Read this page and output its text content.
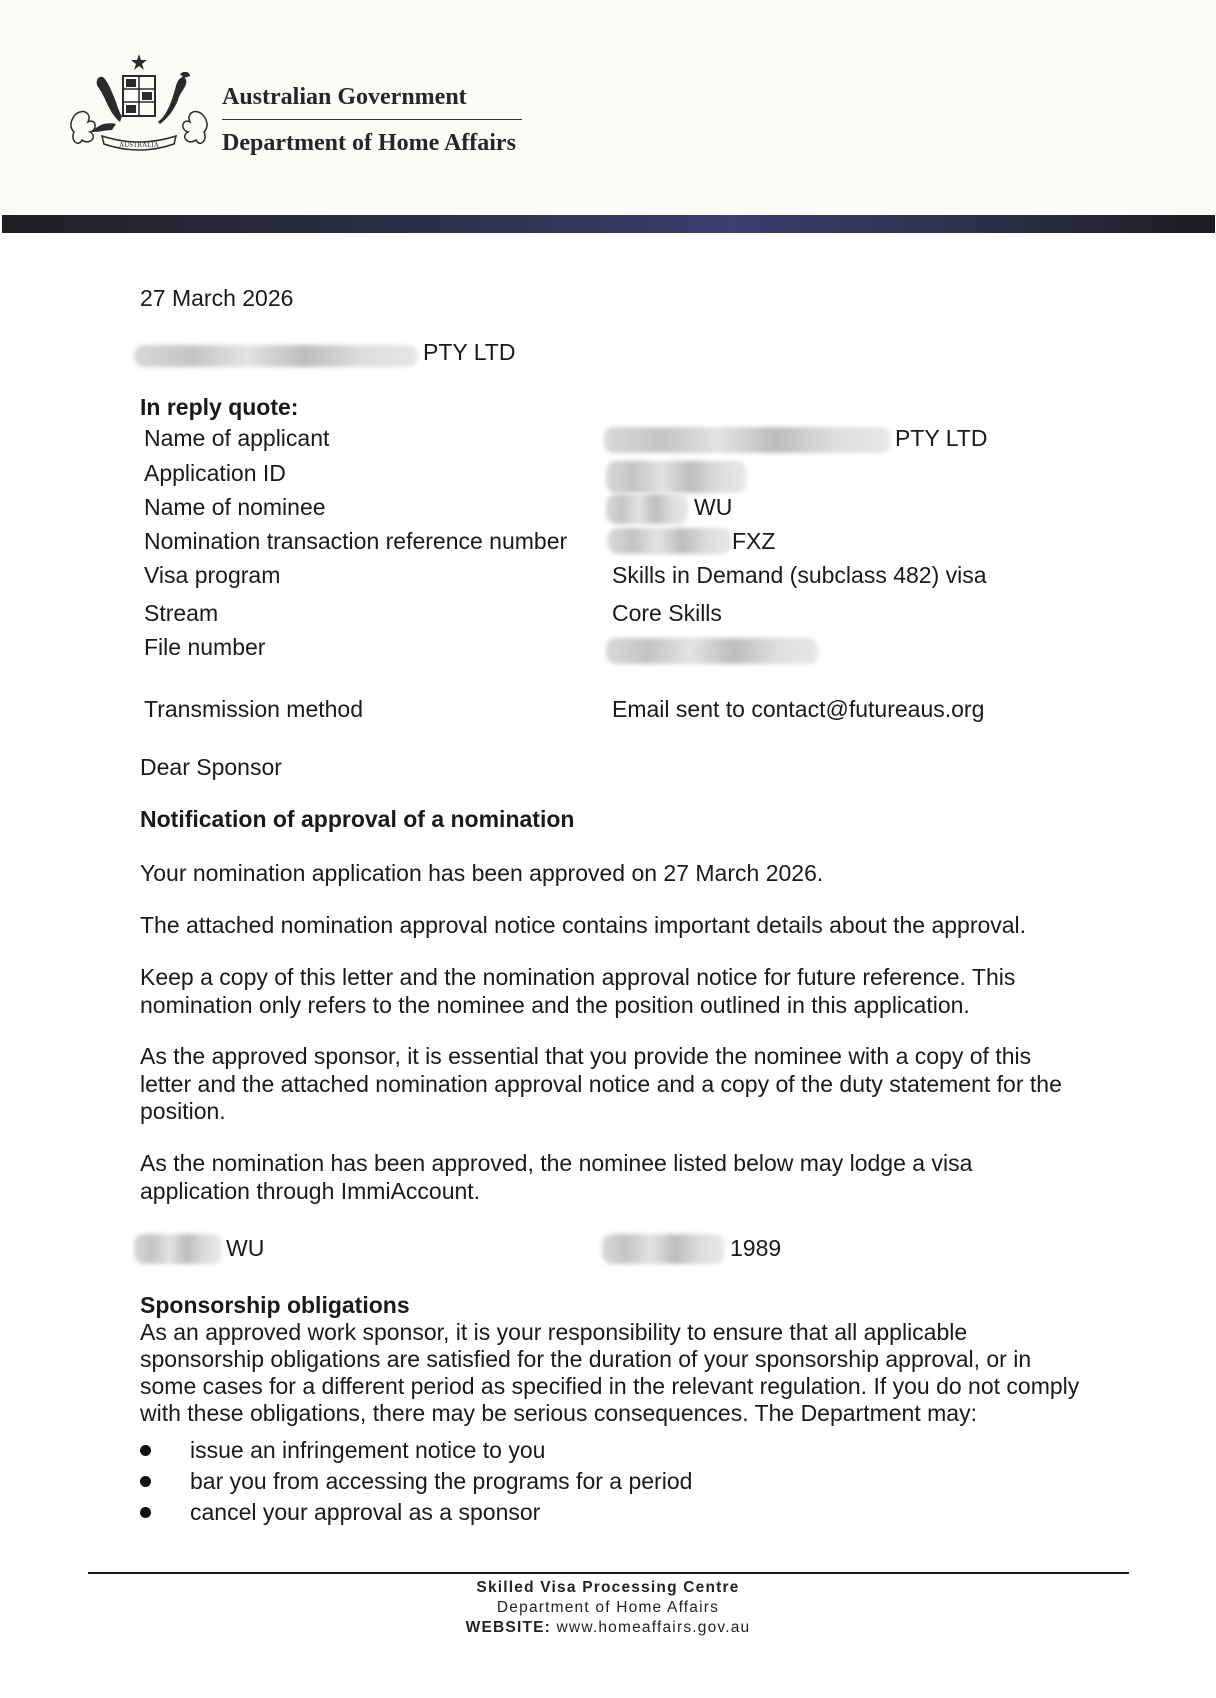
AUSTRALIA
Australian Government
Department of Home Affairs
27 March 2026
PTY LTD
In reply quote:
Name of applicant	PTY LTD
Application ID
Name of nominee	WU
Nomination transaction reference number	FXZ
Visa program	Skills in Demand (subclass 482) visa
Stream	Core Skills
File number
Transmission method	Email sent to contact@futureaus.org
Dear Sponsor
Notification of approval of a nomination
Your nomination application has been approved on 27 March 2026.
The attached nomination approval notice contains important details about the approval.
Keep a copy of this letter and the nomination approval notice for future reference. This nomination only refers to the nominee and the position outlined in this application.
As the approved sponsor, it is essential that you provide the nominee with a copy of this letter and the attached nomination approval notice and a copy of the duty statement for the position.
As the nomination has been approved, the nominee listed below may lodge a visa application through ImmiAccount.
WU	1989
Sponsorship obligations
As an approved work sponsor, it is your responsibility to ensure that all applicable sponsorship obligations are satisfied for the duration of your sponsorship approval, or in some cases for a different period as specified in the relevant regulation. If you do not comply with these obligations, there may be serious consequences. The Department may:
issue an infringement notice to you
bar you from accessing the programs for a period
cancel your approval as a sponsor
Skilled Visa Processing Centre
Department of Home Affairs
WEBSITE: www.homeaffairs.gov.au
